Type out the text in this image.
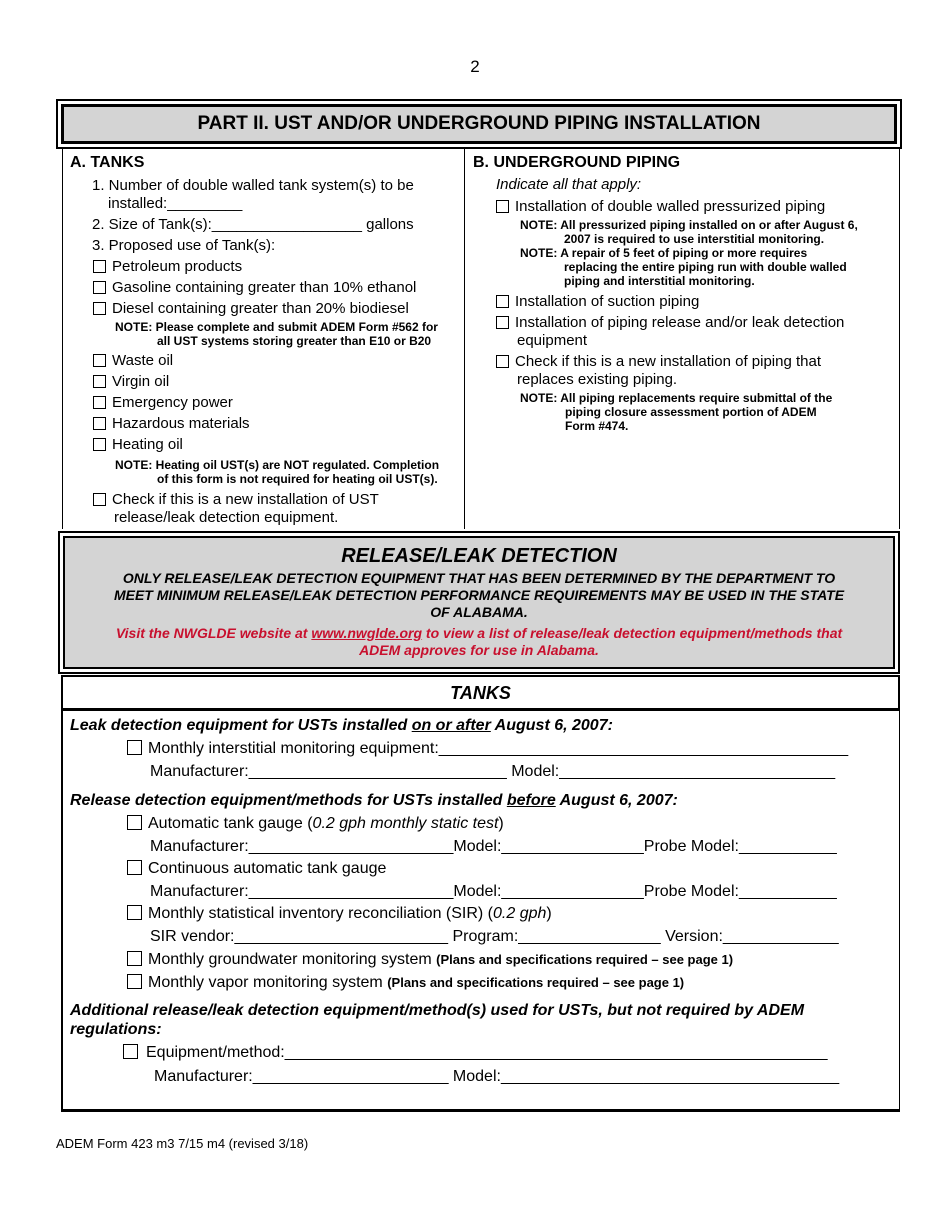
2
PART II. UST AND/OR UNDERGROUND PIPING INSTALLATION
A. TANKS
1. Number of double walled tank system(s) to be
installed:_________
2. Size of Tank(s):__________________ gallons
3. Proposed use of Tank(s):
Petroleum products
Gasoline containing greater than 10% ethanol
Diesel containing greater than 20% biodiesel
NOTE: Please complete and submit ADEM Form #562 for
all UST systems storing greater than E10 or B20
Waste oil
Virgin oil
Emergency power
Hazardous materials
Heating oil
NOTE: Heating oil UST(s) are NOT regulated. Completion
of this form is not required for heating oil UST(s).
Check if this is a new installation of UST
release/leak detection equipment.
B. UNDERGROUND PIPING
Indicate all that apply:
Installation of double walled pressurized piping
NOTE: All pressurized piping installed on or after August 6,
2007 is required to use interstitial monitoring.
NOTE: A repair of 5 feet of piping or more requires
replacing the entire piping run with double walled
piping and interstitial monitoring.
Installation of suction piping
Installation of piping release and/or leak detection
equipment
Check if this is a new installation of piping that
replaces existing piping.
NOTE: All piping replacements require submittal of the
piping closure assessment portion of ADEM
Form #474.
RELEASE/LEAK DETECTION
ONLY RELEASE/LEAK DETECTION EQUIPMENT THAT HAS BEEN DETERMINED BY THE DEPARTMENT TO
MEET MINIMUM RELEASE/LEAK DETECTION PERFORMANCE REQUIREMENTS MAY BE USED IN THE STATE
OF ALABAMA.
Visit the NWGLDE website at www.nwglde.org to view a list of release/leak detection equipment/methods that
ADEM approves for use in Alabama.
TANKS
Leak detection equipment for USTs installed on or after August 6, 2007:
Monthly interstitial monitoring equipment:______________________________________________
Manufacturer:_____________________________ Model:_______________________________
Release detection equipment/methods for USTs installed before August 6, 2007:
Automatic tank gauge (0.2 gph monthly static test)
Manufacturer:_______________________Model:________________Probe Model:___________
Continuous automatic tank gauge
Manufacturer:_______________________Model:________________Probe Model:___________
Monthly statistical inventory reconciliation (SIR) (0.2 gph)
SIR vendor:________________________ Program:________________ Version:_____________
Monthly groundwater monitoring system (Plans and specifications required – see page 1)
Monthly vapor monitoring system (Plans and specifications required – see page 1)
Additional release/leak detection equipment/method(s) used for USTs, but not required by ADEM
regulations:
Equipment/method:_____________________________________________________________
Manufacturer:______________________ Model:______________________________________
ADEM Form 423 m3 7/15 m4 (revised 3/18)
